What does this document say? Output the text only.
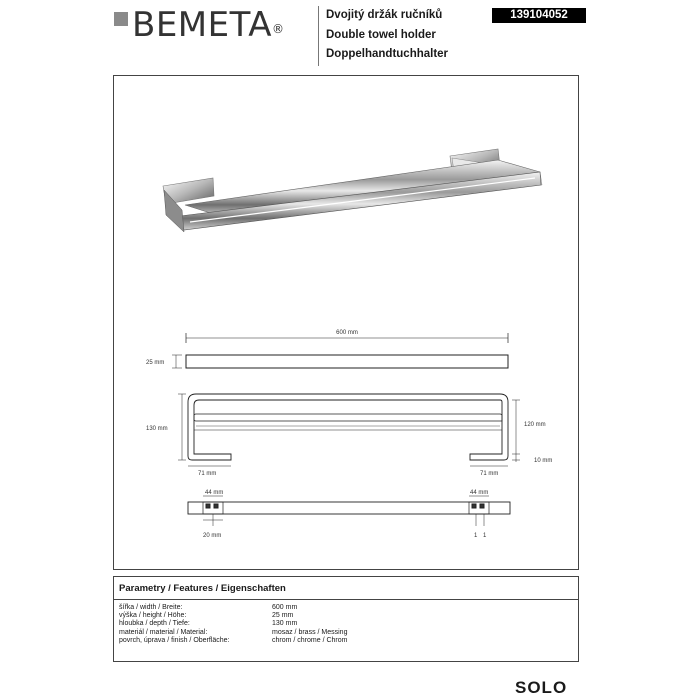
BEMETA®
Dvojitý držák ručníků
Double towel holder
Doppelhandtuchhalter
139104052
600 mm
25 mm
130 mm
120 mm
10 mm
71 mm	71 mm
44 mm	44 mm
20 mm	1 1
Parametry / Features / Eigenschaften
šířka / width / Breite:	600 mm
výška / height / Höhe:	25 mm
hloubka / depth / Tiefe:	130 mm
materiál / material / Material:	mosaz / brass / Messing
povrch, úprava / finish / Oberfläche:	chrom / chrome / Chrom
SOLO
